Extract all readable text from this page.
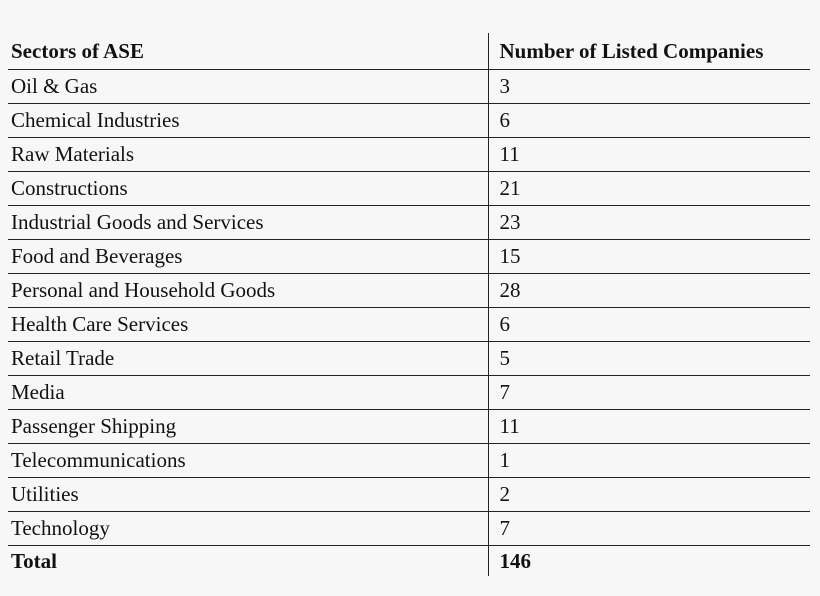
Sectors of ASE	Number of Listed Companies
Oil & Gas	3
Chemical Industries	6
Raw Materials	11
Constructions	21
Industrial Goods and Services	23
Food and Beverages	15
Personal and Household Goods	28
Health Care Services	6
Retail Trade	5
Media	7
Passenger Shipping	11
Telecommunications	1
Utilities	2
Technology	7
Total	146
